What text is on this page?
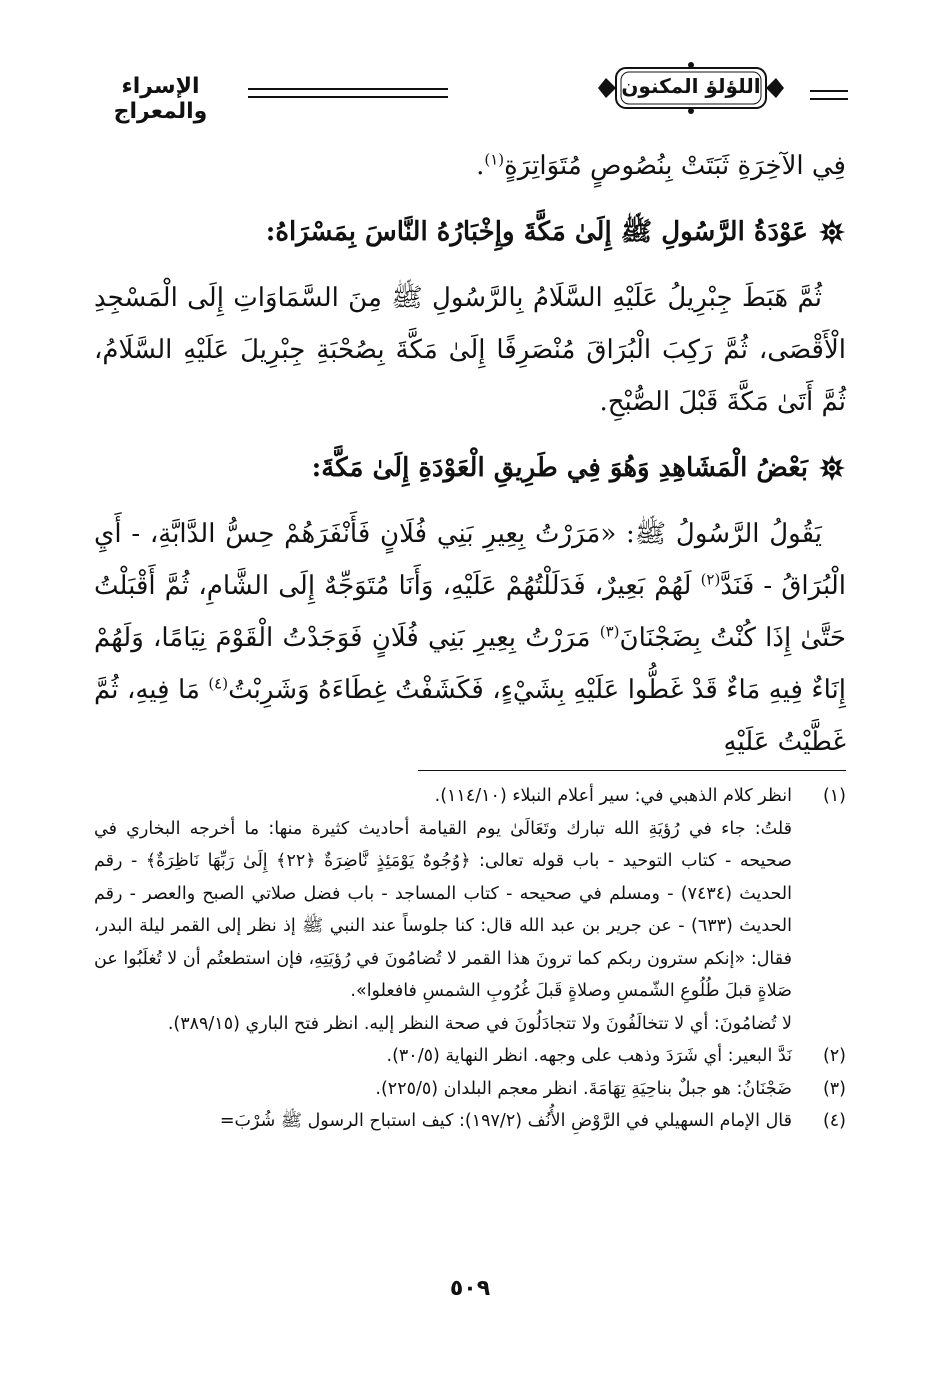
الإسراء والمعراج
اللؤلؤ المكنون

فِي الآخِرَةِ ثَبَتَتْ بِنُصُوصٍ مُتَوَاتِرَةٍ$^{(١)}$.

عَوْدَةُ الرَّسُولِ ﷺ إِلَىٰ مَكَّةَ وإِخْبَارُهُ النَّاسَ بِمَسْرَاهُ:

ثُمَّ هَبَطَ جِبْرِيلُ عَلَيْهِ السَّلَامُ بِالرَّسُولِ ﷺ مِنَ السَّمَاوَاتِ إِلَى الْمَسْجِدِ الْأَقْصَى، ثُمَّ رَكِبَ الْبُرَاقَ مُنْصَرِفًا إِلَىٰ مَكَّةَ بِصُحْبَةِ جِبْرِيلَ عَلَيْهِ السَّلَامُ، ثُمَّ أَتَىٰ مَكَّةَ قَبْلَ الصُّبْحِ.

بَعْضُ الْمَشَاهِدِ وَهُوَ فِي طَرِيقِ الْعَوْدَةِ إِلَىٰ مَكَّةَ:

يَقُولُ الرَّسُولُ ﷺ: «مَرَرْتُ بِعِيرِ بَنِي فُلَانٍ فَأَنْفَرَهُمْ حِسُّ الدَّابَّةِ، - أَيِ الْبُرَاقُ - فَنَدَّ$^{(٢)}$ لَهُمْ بَعِيرٌ، فَدَلَلْتُهُمْ عَلَيْهِ، وَأَنَا مُتَوَجِّهٌ إِلَى الشَّامِ، ثُمَّ أَقْبَلْتُ حَتَّىٰ إِذَا كُنْتُ بِضَجْنَانَ$^{(٣)}$ مَرَرْتُ بِعِيرِ بَنِي فُلَانٍ فَوَجَدْتُ الْقَوْمَ نِيَامًا، وَلَهُمْ إِنَاءٌ فِيهِ مَاءٌ قَدْ غَطُّوا عَلَيْهِ بِشَيْءٍ، فَكَشَفْتُ غِطَاءَهُ وَشَرِبْتُ$^{(٤)}$ مَا فِيهِ، ثُمَّ غَطَّيْتُ عَلَيْهِ

(١)
انظر كلام الذهبي في: سير أعلام النبلاء (١١٤/١٠).

قلتُ: جاء في رُؤيَةِ الله تبارك وتَعَالَىٰ يوم القيامة أحاديث كثيرة منها: ما أخرجه البخاري في صحيحه - كتاب التوحيد - باب قوله تعالى: ﴿وُجُوهٌ يَوْمَئِذٍ نَّاضِرَةٌ ﴿٢٢﴾ إِلَىٰ رَبِّهَا نَاظِرَةٌ﴾ - رقم الحديث (٧٤٣٤) - ومسلم في صحيحه - كتاب المساجد - باب فضل صلاتي الصبح والعصر - رقم الحديث (٦٣٣) - عن جرير بن عبد الله قال: كنا جلوساً عند النبي ﷺ إذ نظر إلى القمر ليلة البدر، فقال: «إنكم سترون ربكم كما ترونَ هذا القمر لا تُضامُونَ في رُؤيَتِهِ، فإن استطعتُم أن لا تُغلَبُوا عن صَلاةٍ قبلَ طُلُوعِ الشّمسِ وصلاةٍ قَبلَ غُرُوبِ الشمسِ فافعلوا».

لا تُضامُونَ: أي لا تتخالَفُونَ ولا تتجادَلُونَ في صحة النظر إليه. انظر فتح الباري (٣٨٩/١٥).

(٢)
نَدَّ البعير: أي شَرَدَ وذهب على وجهه. انظر النهاية (٣٠/٥).
(٣)
ضَجْنَانُ: هو جبلٌ بناحِيَةِ تِهَامَةَ. انظر معجم البلدان (٢٢٥/٥).
(٤)
قال الإمام السهيلي في الرَّوْضِ الأُنُف (١٩٧/٢): كيف استباح الرسول ﷺ شُرْبَ=
٥٠٩
